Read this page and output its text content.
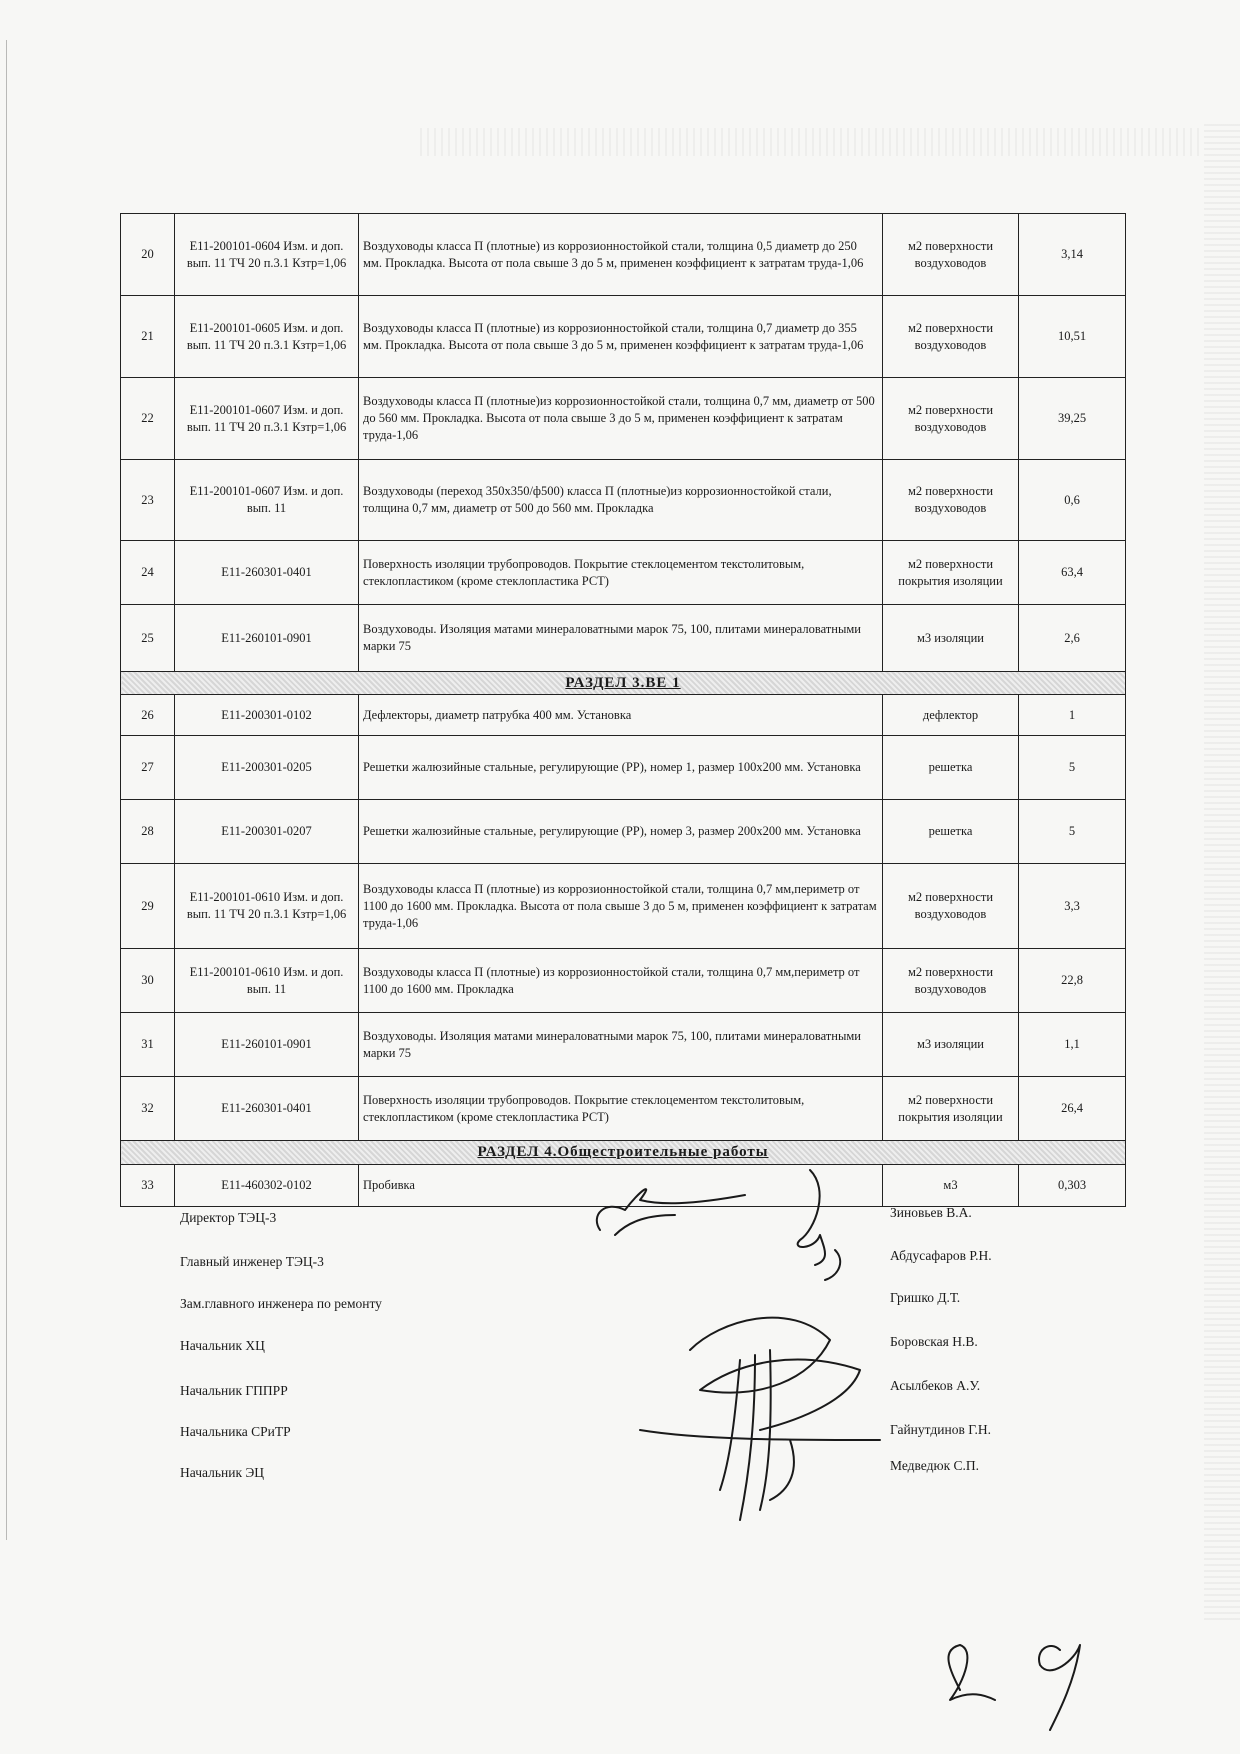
20	Е11-200101-0604 Изм. и доп. вып. 11 ТЧ 20 п.3.1 Кзтр=1,06	Воздуховоды класса П (плотные) из коррозионностойкой стали, толщина 0,5 диаметр до 250 мм. Прокладка. Высота от пола свыше 3 до 5 м, применен коэффициент к затратам труда-1,06	м2 поверхности воздуховодов	3,14
21	Е11-200101-0605 Изм. и доп. вып. 11 ТЧ 20 п.3.1 Кзтр=1,06	Воздуховоды класса П (плотные) из коррозионностойкой стали, толщина 0,7 диаметр до 355 мм. Прокладка. Высота от пола свыше 3 до 5 м, применен коэффициент к затратам труда-1,06	м2 поверхности воздуховодов	10,51
22	Е11-200101-0607 Изм. и доп. вып. 11 ТЧ 20 п.3.1 Кзтр=1,06	Воздуховоды класса П (плотные)из коррозионностойкой стали, толщина 0,7 мм, диаметр от 500 до 560 мм. Прокладка. Высота от пола свыше 3 до 5 м, применен коэффициент к затратам труда-1,06	м2 поверхности воздуховодов	39,25
23	Е11-200101-0607 Изм. и доп. вып. 11	Воздуховоды (переход 350х350/ф500) класса П (плотные)из коррозионностойкой стали, толщина 0,7 мм, диаметр от 500 до 560 мм. Прокладка	м2 поверхности воздуховодов	0,6
24	Е11-260301-0401	Поверхность изоляции трубопроводов. Покрытие стеклоцементом текстолитовым, стеклопластиком (кроме стеклопластика РСТ)	м2 поверхности покрытия изоляции	63,4
25	Е11-260101-0901	Воздуховоды. Изоляция матами минераловатными марок 75, 100, плитами минераловатными марки 75	м3 изоляции	2,6
РАЗДЕЛ 3.ВЕ 1				
26	Е11-200301-0102	Дефлекторы, диаметр патрубка 400 мм. Установка	дефлектор	1
27	Е11-200301-0205	Решетки жалюзийные стальные, регулирующие (РР), номер 1, размер 100х200 мм. Установка	решетка	5
28	Е11-200301-0207	Решетки жалюзийные стальные, регулирующие (РР), номер 3, размер 200х200 мм. Установка	решетка	5
29	Е11-200101-0610 Изм. и доп. вып. 11 ТЧ 20 п.3.1 Кзтр=1,06	Воздуховоды класса П (плотные) из коррозионностойкой стали, толщина 0,7 мм,периметр от 1100 до 1600 мм. Прокладка. Высота от пола свыше 3 до 5 м, применен коэффициент к затратам труда-1,06	м2 поверхности воздуховодов	3,3
30	Е11-200101-0610 Изм. и доп. вып. 11	Воздуховоды класса П (плотные) из коррозионностойкой стали, толщина 0,7 мм,периметр от 1100 до 1600 мм. Прокладка	м2 поверхности воздуховодов	22,8
31	Е11-260101-0901	Воздуховоды. Изоляция матами минераловатными марок 75, 100, плитами минераловатными марки 75	м3 изоляции	1,1
32	Е11-260301-0401	Поверхность изоляции трубопроводов. Покрытие стеклоцементом текстолитовым, стеклопластиком (кроме стеклопластика РСТ)	м2 поверхности покрытия изоляции	26,4
РАЗДЕЛ 4.Общестроительные работы				
33	Е11-460302-0102	Пробивка	м3	0,303
Директор ТЭЦ-3	Зиновьев В.А.
Главный инженер ТЭЦ-3	Абдусафаров Р.Н.
Зам.главного инженера по ремонту	Гришко Д.Т.
Начальник ХЦ	Боровская Н.В.
Начальник ГППРР	Асылбеков А.У.
Начальника СРиТР	Гайнутдинов Г.Н.
Начальник ЭЦ	Медведюк С.П.
